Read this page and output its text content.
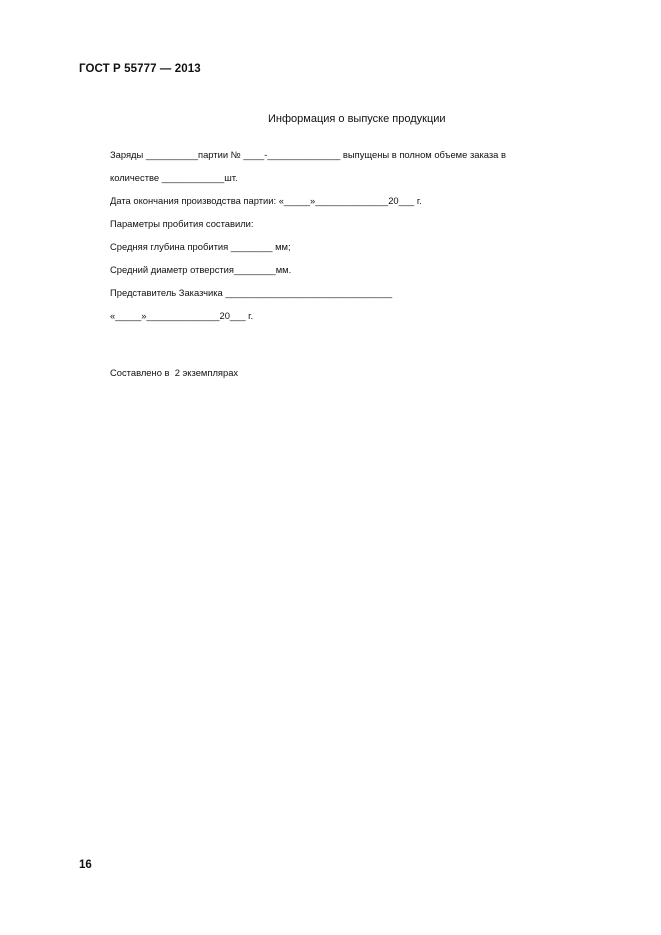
ГОСТ Р 55777 — 2013
Информация о выпуске продукции
Заряды __________партии № ____-______________ выпущены в полном объеме заказа в
количестве ____________шт.
Дата окончания производства партии: «_____»______________20___ г.
Параметры пробития составили:
Средняя глубина пробития ________ мм;
Средний диаметр отверстия________мм.
Представитель Заказчика ________________________________
«_____»______________20___ г.
Составлено в  2 экземплярах
16
